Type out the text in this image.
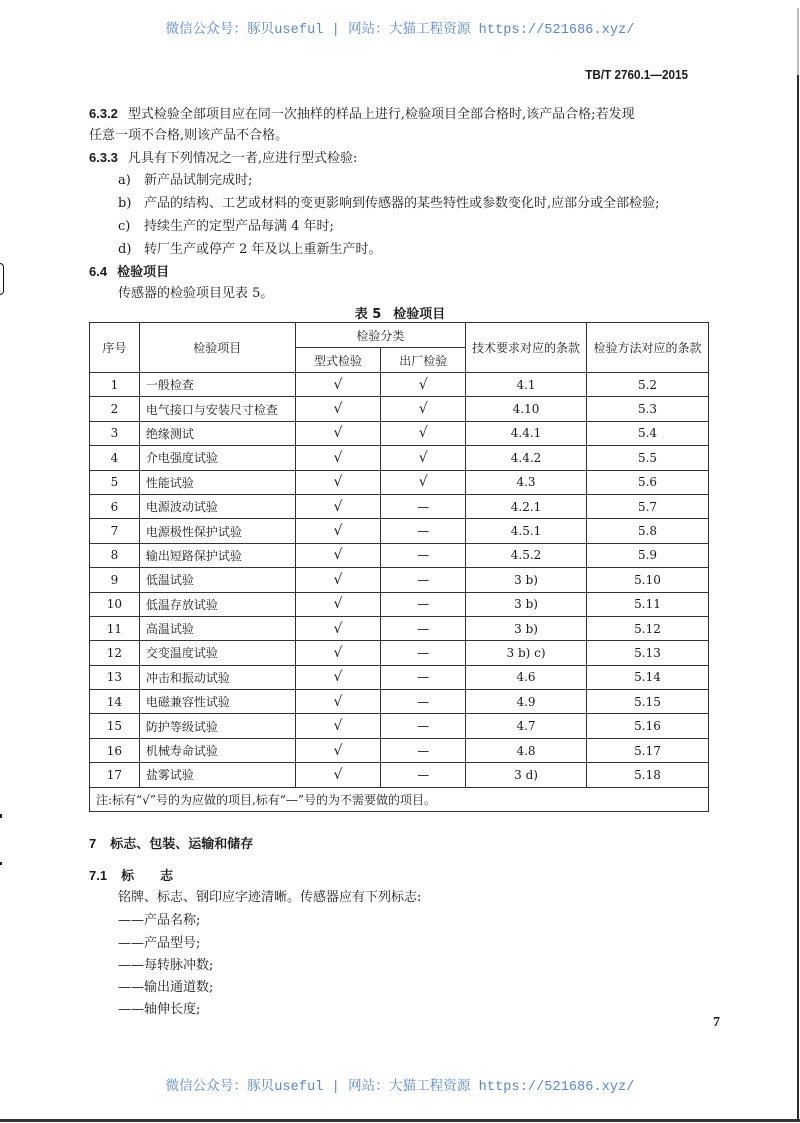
微信公众号：豚贝useful | 网站：大猫工程资源 https://521686.xyz/
TB/T 2760.1—2015
6.3.2 型式检验全部项目应在同一次抽样的样品上进行,检验项目全部合格时,该产品合格;若发现
任意一项不合格,则该产品不合格。
6.3.3 凡具有下列情况之一者,应进行型式检验:
a) 新产品试制完成时;
b) 产品的结构、工艺或材料的变更影响到传感器的某些特性或参数变化时,应部分或全部检验;
c) 持续生产的定型产品每满 4 年时;
d) 转厂生产或停产 2 年及以上重新生产时。
6.4 检验项目
传感器的检验项目见表 5。
表 5 检验项目
序号	检验项目	检验分类		技术要求对应的条款	检验方法对应的条款
		型式检验	出厂检验		
1	一般检查	√	√	4.1	5.2
2	电气接口与安装尺寸检查	√	√	4.10	5.3
3	绝缘测试	√	√	4.4.1	5.4
4	介电强度试验	√	√	4.4.2	5.5
5	性能试验	√	√	4.3	5.6
6	电源波动试验	√	—	4.2.1	5.7
7	电源极性保护试验	√	—	4.5.1	5.8
8	输出短路保护试验	√	—	4.5.2	5.9
9	低温试验	√	—	3 b)	5.10
10	低温存放试验	√	—	3 b)	5.11
11	高温试验	√	—	3 b)	5.12
12	交变温度试验	√	—	3 b) c)	5.13
13	冲击和振动试验	√	—	4.6	5.14
14	电磁兼容性试验	√	—	4.9	5.15
15	防护等级试验	√	—	4.7	5.16
16	机械寿命试验	√	—	4.8	5.17
17	盐雾试验	√	—	3 d)	5.18
注:标有“√”号的为应做的项目,标有“—”号的为不需要做的项目。					
7 标志、包装、运输和储存
7.1 标　　志
铭牌、标志、钢印应字迹清晰。传感器应有下列标志:
——产品名称;
——产品型号;
——每转脉冲数;
——输出通道数;
——轴伸长度;
7
微信公众号：豚贝useful | 网站：大猫工程资源 https://521686.xyz/
